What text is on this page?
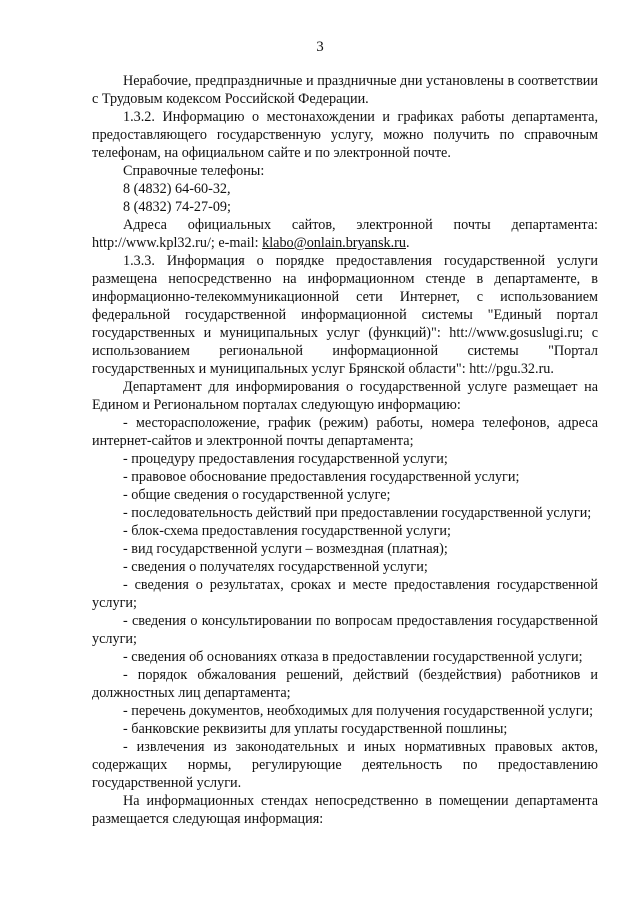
3

Нерабочие, предпраздничные и праздничные дни установлены в соответствии с Трудовым кодексом Российской Федерации.

1.3.2. Информацию о местонахождении и графиках работы департамента, предоставляющего государственную услугу, можно получить по справочным телефонам, на официальном сайте и по электронной почте.

Справочные телефоны:

8 (4832) 64-60-32,

8 (4832) 74-27-09;

Адреса официальных сайтов, электронной почты департамента:

http://www.kpl32.ru/; e-mail: klabo@onlain.bryansk.ru.

1.3.3. Информация о порядке предоставления государственной услуги размещена непосредственно на информационном стенде в департаменте, в информационно-телекоммуникационной сети Интернет, с использованием федеральной государственной информационной системы "Единый портал государственных и муниципальных услуг (функций)": htt://www.gosuslugi.ru; с использованием региональной информационной системы "Портал государственных и муниципальных услуг Брянской области": htt://pgu.32.ru.

Департамент для информирования о государственной услуге размещает на Едином и Региональном порталах следующую информацию:

- месторасположение, график (режим) работы, номера телефонов, адреса интернет-сайтов и электронной почты департамента;

- процедуру предоставления государственной услуги;

- правовое обоснование предоставления государственной услуги;

- общие сведения о государственной услуге;

- последовательность действий при предоставлении государственной услуги;

- блок-схема предоставления государственной услуги;

- вид государственной услуги – возмездная (платная);

- сведения о получателях государственной услуги;

- сведения о результатах, сроках и месте предоставления государственной услуги;

- сведения о консультировании по вопросам предоставления государственной услуги;

- сведения об основаниях отказа в предоставлении государственной услуги;

- порядок обжалования решений, действий (бездействия) работников и должностных лиц департамента;

- перечень документов, необходимых для получения государственной услуги;

- банковские реквизиты для уплаты государственной пошлины;

- извлечения из законодательных и иных нормативных правовых актов, содержащих нормы, регулирующие деятельность по предоставлению государственной услуги.

На информационных стендах непосредственно в помещении департамента размещается следующая информация:
